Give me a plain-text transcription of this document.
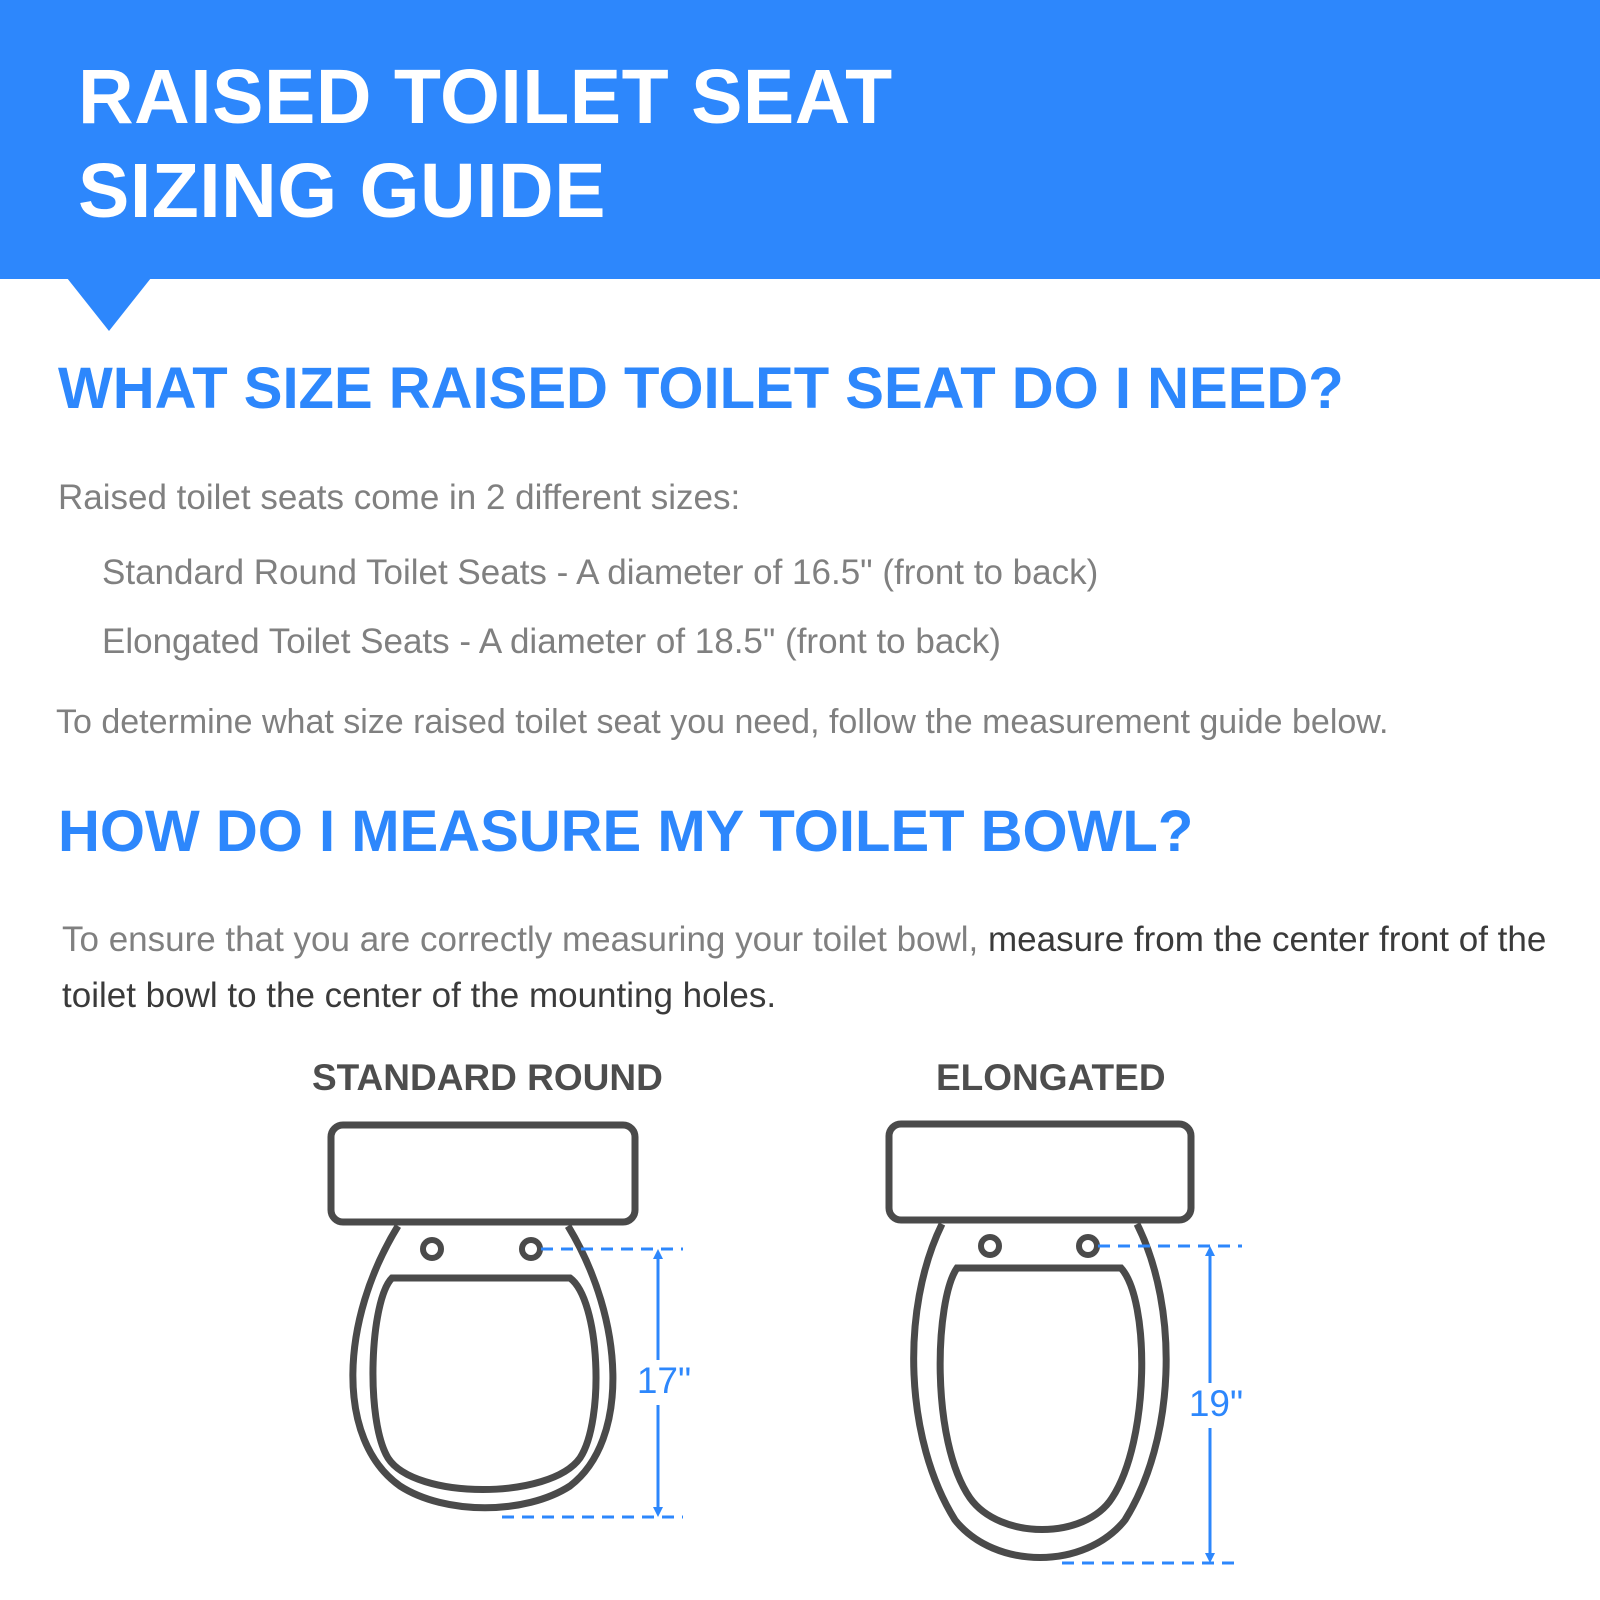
RAISED TOILET SEAT
SIZING GUIDE
WHAT SIZE RAISED TOILET SEAT DO I NEED?

Raised toilet seats come in 2 different sizes:

Standard Round Toilet Seats - A diameter of 16.5" (front to back)

Elongated Toilet Seats - A diameter of 18.5" (front to back)

To determine what size raised toilet seat you need, follow the measurement guide below.

HOW DO I MEASURE MY TOILET BOWL?

To ensure that you are correctly measuring your toilet bowl, measure from the center front of the toilet bowl to the center of the mounting holes.

STANDARD ROUND	ELONGATED

17"
19"
